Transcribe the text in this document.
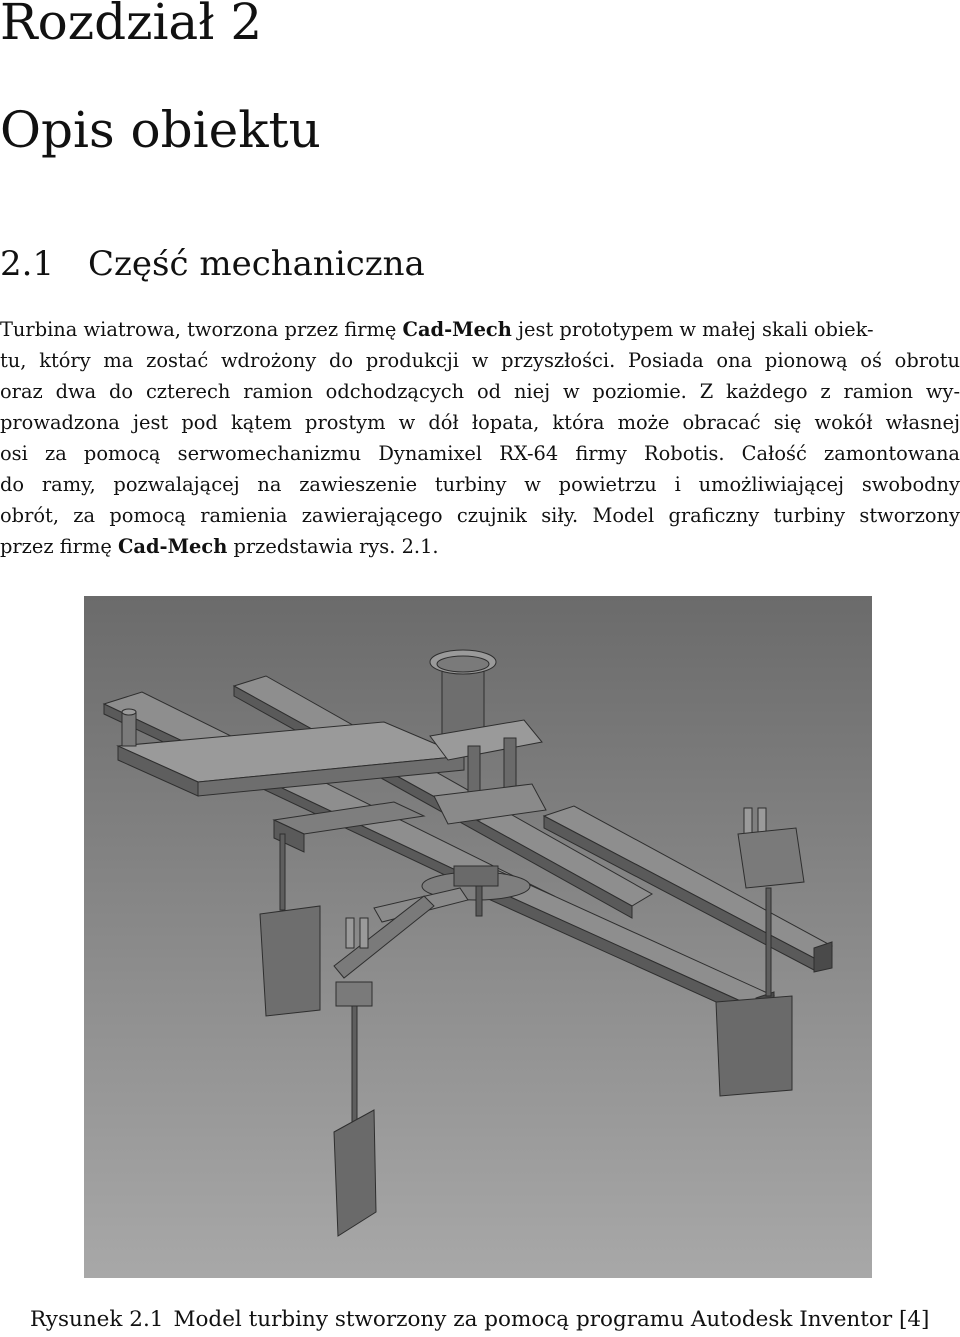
Rozdział 2
Opis obiektu
2.1 Część mechaniczna
Turbina wiatrowa, tworzona przez firmę Cad-Mech jest prototypem w małej skali obiek-
tu, który ma zostać wdrożony do produkcji w przyszłości. Posiada ona pionową oś obrotu
oraz dwa do czterech ramion odchodzących od niej w poziomie. Z każdego z ramion wy-
prowadzona jest pod kątem prostym w dół łopata, która może obracać się wokół własnej
osi za pomocą serwomechanizmu Dynamixel RX-64 firmy Robotis. Całość zamontowana
do ramy, pozwalającej na zawieszenie turbiny w powietrzu i umożliwiającej swobodny
obrót, za pomocą ramienia zawierającego czujnik siły. Model graficzny turbiny stworzony
przez firmę Cad-Mech przedstawia rys. 2.1.

Rysunek 2.1 Model turbiny stworzony za pomocą programu Autodesk Inventor [4]
